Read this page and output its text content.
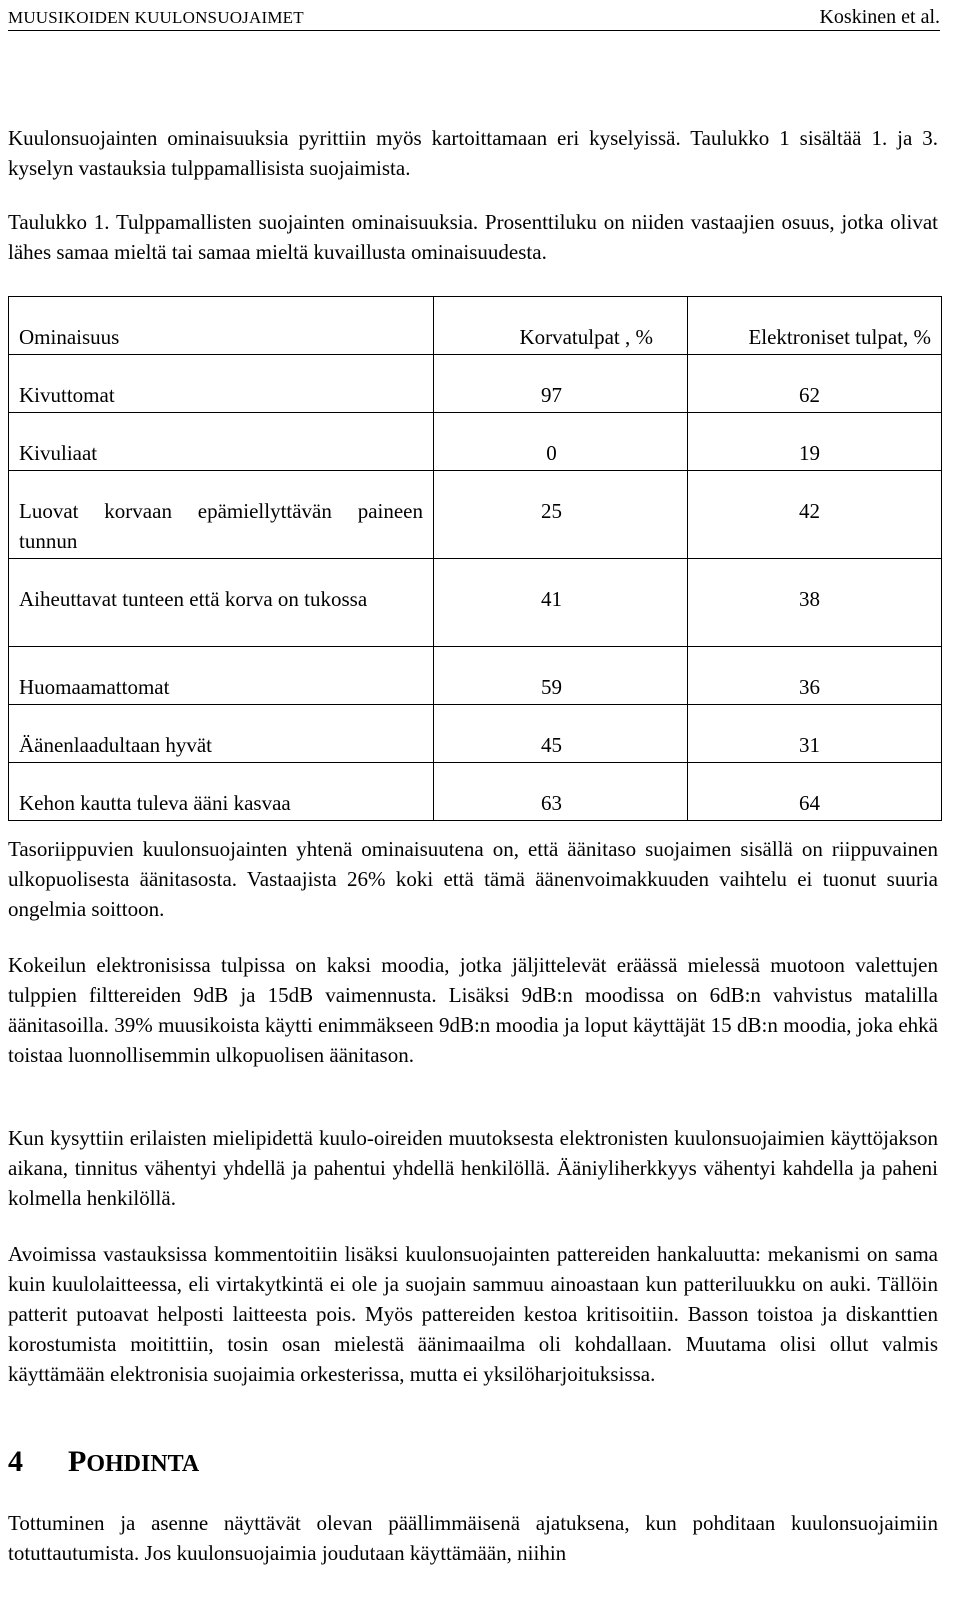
MUUSIKOIDEN KUULONSUOJAIMET	Koskinen et al.

Kuulonsuojainten ominaisuuksia pyrittiin myös kartoittamaan eri kyselyissä. Taulukko 1 sisältää 1. ja 3. kyselyn vastauksia tulppamallisista suojaimista.

Taulukko 1. Tulppamallisten suojainten ominaisuuksia. Prosenttiluku on niiden vastaajien osuus, jotka olivat lähes samaa mieltä tai samaa mieltä kuvaillusta ominaisuudesta.

Ominaisuus	Korvatulpat , %	Elektroniset tulpat, %

Kivuttomat	97	62

Kivuliaat	0	19

Luovat korvaan epämiellyttävän paineen tunnun	25	42

Aiheuttavat tunteen että korva on tukossa	41	38

Huomaamattomat	59	36

Äänenlaadultaan hyvät	45	31

Kehon kautta tuleva ääni kasvaa	63	64

Tasoriippuvien kuulonsuojainten yhtenä ominaisuutena on, että äänitaso suojaimen sisällä on riippuvainen ulkopuolisesta äänitasosta. Vastaajista 26% koki että tämä äänenvoimakkuuden vaihtelu ei tuonut suuria ongelmia soittoon.

Kokeilun elektronisissa tulpissa on kaksi moodia, jotka jäljittelevät eräässä mielessä muotoon valettujen tulppien filttereiden 9dB ja 15dB vaimennusta. Lisäksi 9dB:n moodissa on 6dB:n vahvistus matalilla äänitasoilla. 39% muusikoista käytti enimmäkseen 9dB:n moodia ja loput käyttäjät 15 dB:n moodia, joka ehkä toistaa luonnollisemmin ulkopuolisen äänitason.

Kun kysyttiin erilaisten mielipidettä kuulo-oireiden muutoksesta elektronisten kuulonsuojaimien käyttöjakson aikana, tinnitus vähentyi yhdellä ja pahentui yhdellä henkilöllä. Ääniyliherkkyys vähentyi kahdella ja paheni kolmella henkilöllä.

Avoimissa vastauksissa kommentoitiin lisäksi kuulonsuojainten pattereiden hankaluutta: mekanismi on sama kuin kuulolaitteessa, eli virtakytkintä ei ole ja suojain sammuu ainoastaan kun patteriluukku on auki. Tällöin patterit putoavat helposti laitteesta pois. Myös pattereiden kestoa kritisoitiin. Basson toistoa ja diskanttien korostumista moitittiin, tosin osan mielestä äänimaailma oli kohdallaan. Muutama olisi ollut valmis käyttämään elektronisia suojaimia orkesterissa, mutta ei yksilöharjoituksissa.

4 POHDINTA

Tottuminen ja asenne näyttävät olevan päällimmäisenä ajatuksena, kun pohditaan kuulonsuojaimiin totuttautumista. Jos kuulonsuojaimia joudutaan käyttämään, niihin
